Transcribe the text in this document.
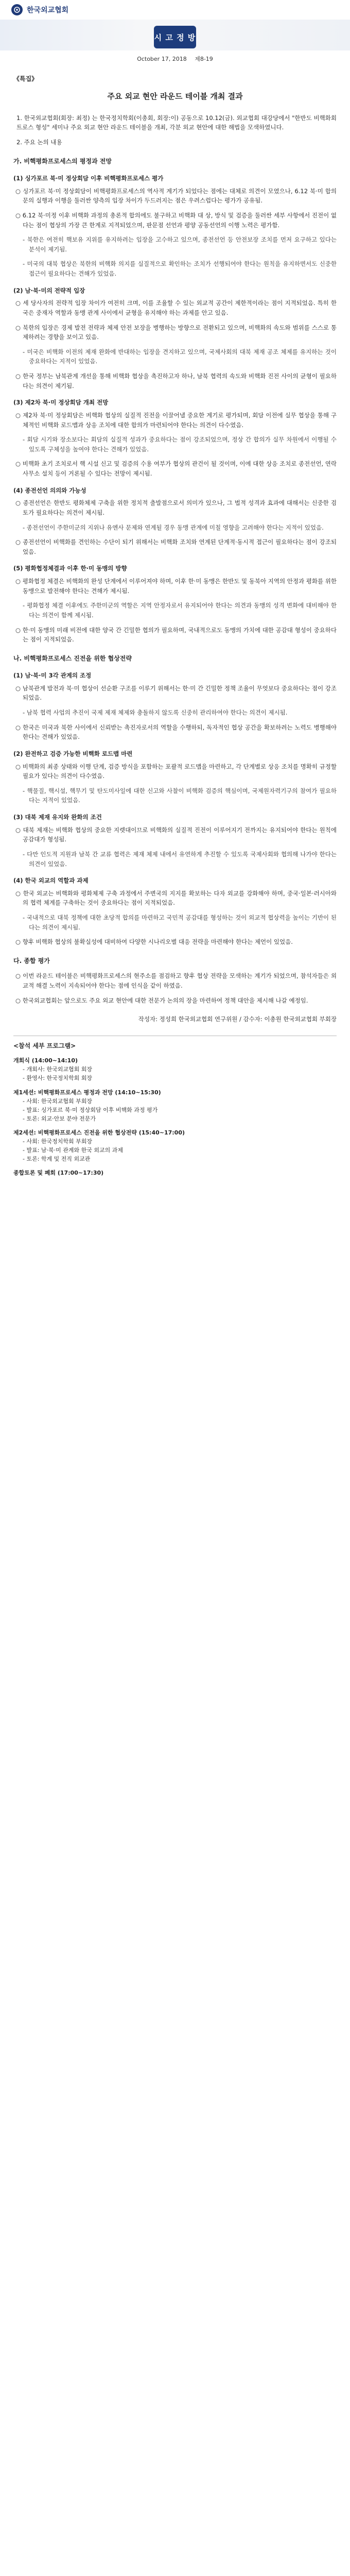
한국외교협회
시 고 정 방
October 17, 2018 제8-19
《특집》
주요 외교 현안 라운드 테이블 개최 결과

1. 한국외교협회(회장: 최정) 는 한국정치학회(이총회, 회장:이) 공동으로 10.12(금). 외교협회 대강당에서 "한반도 비핵화회트로스 형성" 세미나 주요 외교 현안 라운드 테이블을 개최, 각분 외교 현안에 대한 해법을 모색하였니다.

2. 주요 논의 내용

가. 비핵평화프로세스의 평정과 전망
(1) 싱가포르 북·미 정상회담 이후 비핵평화프로세스 평가

○ 싱가포르 북·미 정상회담이 비핵평화프로세스의 역사적 계기가 되었다는 점에는 대체로 의견이 모였으나, 6.12 북·미 합의문의 실행과 이행을 둘러싼 양측의 입장 차이가 두드러지는 점은 우려스럽다는 평가가 공유됨.

○ 6.12 북·미정 이후 비핵화 과정의 총론적 합의에도 불구하고 비핵화 대 상, 방식 및 검증을 둘러싼 세부 사항에서 진전이 없다는 점이 협상의 가장 큰 한계로 지적되었으며, 판문점 선언과 평양 공동선언의 이행 노력은 평가함.

- 북한은 여전히 핵보유 지위를 유지하려는 입장을 고수하고 있으며, 종전선언 등 안전보장 조치를 먼저 요구하고 있다는 분석이 제기됨.

- 미국의 대북 협상은 북한의 비핵화 의지를 실질적으로 확인하는 조치가 선행되어야 한다는 원칙을 유지하면서도 신중한 접근이 필요하다는 견해가 있었음.

(2) 남·북·미의 전략적 입장

○ 세 당사자의 전략적 입장 차이가 여전히 크며, 이를 조율할 수 있는 외교적 공간이 제한적이라는 점이 지적되었음. 특히 한국은 중재자 역할과 동맹 관계 사이에서 균형을 유지해야 하는 과제를 안고 있음.

○ 북한의 입장은 경제 발전 전략과 체제 안전 보장을 병행하는 방향으로 전환되고 있으며, 비핵화의 속도와 범위를 스스로 통제하려는 경향을 보이고 있음.

- 미국은 비핵화 이전의 제재 완화에 반대하는 입장을 견지하고 있으며, 국제사회의 대북 제재 공조 체제를 유지하는 것이 중요하다는 지적이 있었음.

○ 한국 정부는 남북관계 개선을 통해 비핵화 협상을 촉진하고자 하나, 남북 협력의 속도와 비핵화 진전 사이의 균형이 필요하다는 의견이 제기됨.

(3) 제2차 북·미 정상회담 개최 전망

○ 제2차 북·미 정상회담은 비핵화 협상의 실질적 진전을 이끌어낼 중요한 계기로 평가되며, 회담 이전에 실무 협상을 통해 구체적인 비핵화 로드맵과 상응 조치에 대한 합의가 마련되어야 한다는 의견이 다수였음.

- 회담 시기와 장소보다는 회담의 실질적 성과가 중요하다는 점이 강조되었으며, 정상 간 합의가 실무 차원에서 이행될 수 있도록 구체성을 높여야 한다는 견해가 있었음.

○ 비핵화 초기 조치로서 핵 시설 신고 및 검증의 수용 여부가 협상의 관건이 될 것이며, 이에 대한 상응 조치로 종전선언, 연락사무소 설치 등이 거론될 수 있다는 전망이 제시됨.

(4) 종전선언 의의와 가능성

○ 종전선언은 한반도 평화체제 구축을 위한 정치적 출발점으로서 의미가 있으나, 그 법적 성격과 효과에 대해서는 신중한 검토가 필요하다는 의견이 제시됨.

- 종전선언이 주한미군의 지위나 유엔사 문제와 연계될 경우 동맹 관계에 미칠 영향을 고려해야 한다는 지적이 있었음.

○ 종전선언이 비핵화를 견인하는 수단이 되기 위해서는 비핵화 조치와 연계된 단계적·동시적 접근이 필요하다는 점이 강조되었음.

(5) 평화협정체결과 이후 한·미 동맹의 방향

○ 평화협정 체결은 비핵화의 완성 단계에서 이루어져야 하며, 이후 한·미 동맹은 한반도 및 동북아 지역의 안정과 평화를 위한 동맹으로 발전해야 한다는 견해가 제시됨.

- 평화협정 체결 이후에도 주한미군의 역할은 지역 안정자로서 유지되어야 한다는 의견과 동맹의 성격 변화에 대비해야 한다는 의견이 함께 제시됨.

○ 한·미 동맹의 미래 비전에 대한 양국 간 긴밀한 협의가 필요하며, 국내적으로도 동맹의 가치에 대한 공감대 형성이 중요하다는 점이 지적되었음.

나. 비핵평화프로세스 진전을 위한 협상전략
(1) 남·북·미 3각 관계의 조정

○ 남북관계 발전과 북·미 협상이 선순환 구조를 이루기 위해서는 한·미 간 긴밀한 정책 조율이 무엇보다 중요하다는 점이 강조되었음.

- 남북 협력 사업의 추진이 국제 제재 체제와 충돌하지 않도록 신중히 관리하여야 한다는 의견이 제시됨.

○ 한국은 미국과 북한 사이에서 신뢰받는 촉진자로서의 역할을 수행하되, 독자적인 협상 공간을 확보하려는 노력도 병행해야 한다는 견해가 있었음.

(2) 완전하고 검증 가능한 비핵화 로드맵 마련

○ 비핵화의 최종 상태와 이행 단계, 검증 방식을 포함하는 포괄적 로드맵을 마련하고, 각 단계별로 상응 조치를 명확히 규정할 필요가 있다는 의견이 다수였음.

- 핵물질, 핵시설, 핵무기 및 탄도미사일에 대한 신고와 사찰이 비핵화 검증의 핵심이며, 국제원자력기구의 참여가 필요하다는 지적이 있었음.

(3) 대북 제재 유지와 완화의 조건

○ 대북 제재는 비핵화 협상의 중요한 지렛대이므로 비핵화의 실질적 진전이 이루어지기 전까지는 유지되어야 한다는 원칙에 공감대가 형성됨.

- 다만 인도적 지원과 남북 간 교류 협력은 제재 체제 내에서 유연하게 추진할 수 있도록 국제사회와 협의해 나가야 한다는 의견이 있었음.

(4) 한국 외교의 역할과 과제

○ 한국 외교는 비핵화와 평화체제 구축 과정에서 주변국의 지지를 확보하는 다자 외교를 강화해야 하며, 중국·일본·러시아와의 협력 체계를 구축하는 것이 중요하다는 점이 지적되었음.

- 국내적으로 대북 정책에 대한 초당적 합의를 마련하고 국민적 공감대를 형성하는 것이 외교적 협상력을 높이는 기반이 된다는 의견이 제시됨.

○ 향후 비핵화 협상의 불확실성에 대비하여 다양한 시나리오별 대응 전략을 마련해야 한다는 제언이 있었음.

다. 종합 평가

○ 이번 라운드 테이블은 비핵평화프로세스의 현주소를 점검하고 향후 협상 전략을 모색하는 계기가 되었으며, 참석자들은 외교적 해결 노력이 지속되어야 한다는 점에 인식을 같이 하였음.

○ 한국외교협회는 앞으로도 주요 외교 현안에 대한 전문가 논의의 장을 마련하여 정책 대안을 제시해 나갈 예정임.

작성자: 정성희 한국외교협회 연구위원 / 감수자: 이총원 한국외교협회 부회장

<참석 세부 프로그램>
개회식 (14:00~14:10)
- 개회사: 한국외교협회 회장
- 환영사: 한국정치학회 회장
제1세션: 비핵평화프로세스 평정과 전망 (14:10~15:30)
- 사회: 한국외교협회 부회장
- 발표: 싱가포르 북·미 정상회담 이후 비핵화 과정 평가
- 토론: 외교·안보 분야 전문가
제2세션: 비핵평화프로세스 진전을 위한 협상전략 (15:40~17:00)
- 사회: 한국정치학회 부회장
- 발표: 남·북·미 관계와 한국 외교의 과제
- 토론: 학계 및 전직 외교관
종합토론 및 폐회 (17:00~17:30)
